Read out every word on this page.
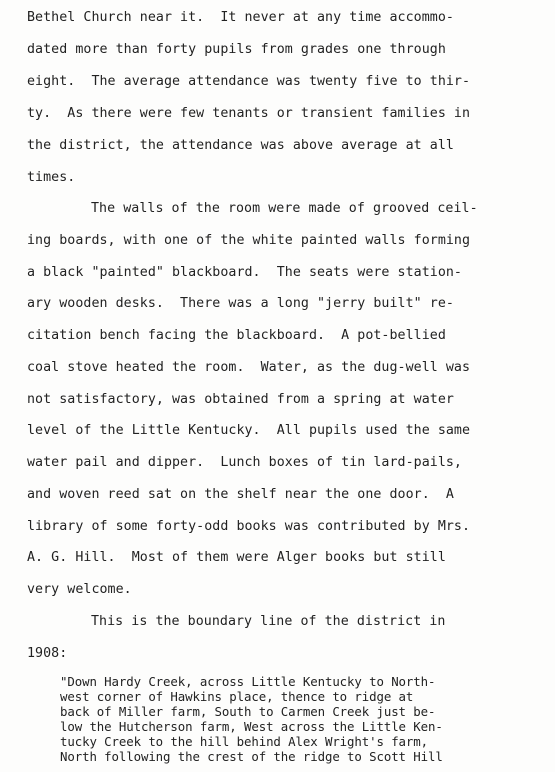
Bethel Church near it.  It never at any time accommo-
dated more than forty pupils from grades one through
eight.  The average attendance was twenty five to thir-
ty.  As there were few tenants or transient families in
the district, the attendance was above average at all
times.
The walls of the room were made of grooved ceil-
ing boards, with one of the white painted walls forming
a black "painted" blackboard.  The seats were station-
ary wooden desks.  There was a long "jerry built" re-
citation bench facing the blackboard.  A pot-bellied
coal stove heated the room.  Water, as the dug-well was
not satisfactory, was obtained from a spring at water
level of the Little Kentucky.  All pupils used the same
water pail and dipper.  Lunch boxes of tin lard-pails,
and woven reed sat on the shelf near the one door.  A
library of some forty-odd books was contributed by Mrs.
A. G. Hill.  Most of them were Alger books but still
very welcome.
This is the boundary line of the district in
1908:
"Down Hardy Creek, across Little Kentucky to North-
west corner of Hawkins place, thence to ridge at
back of Miller farm, South to Carmen Creek just be-
low the Hutcherson farm, West across the Little Ken-
tucky Creek to the hill behind Alex Wright's farm,
North following the crest of the ridge to Scott Hill
